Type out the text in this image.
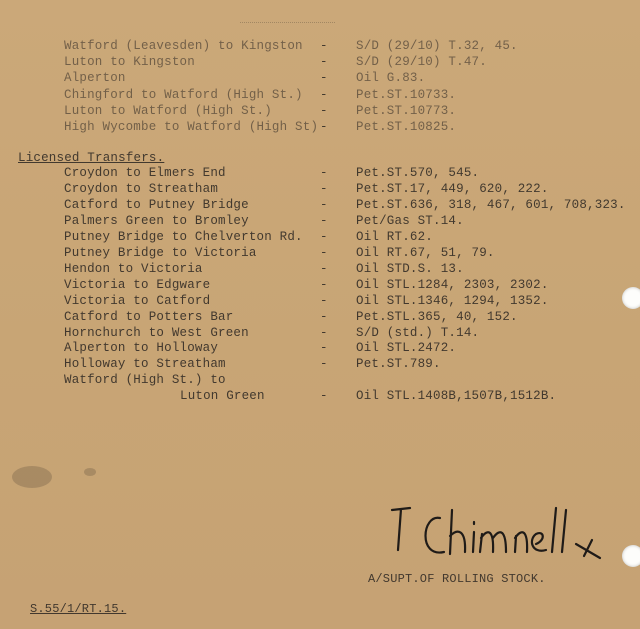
Watford (Leavesden) to Kingston - S/D (29/10) T.32, 45.
Luton to Kingston	- S/D (29/10) T.47.
Alperton	- Oil G.83.
Chingford to Watford (High St.) - Pet.ST.10733.
Luton to Watford (High St.)	- Pet.ST.10773.
High Wycombe to Watford (High St) - Pet.ST.10825.
Licensed Transfers.
Croydon to Elmers End	- Pet.ST.570, 545.
Croydon to Streatham	- Pet.ST.17, 449, 620, 222.
Catford to Putney Bridge	- Pet.ST.636, 318, 467, 601, 708,323.
Palmers Green to Bromley	- Pet/Gas ST.14.
Putney Bridge to Chelverton Rd. - Oil RT.62.
Putney Bridge to Victoria	- Oil RT.67, 51, 79.
Hendon to Victoria	- Oil STD.S. 13.
Victoria to Edgware	- Oil STL.1284, 2303, 2302.
Victoria to Catford	- Oil STL.1346, 1294, 1352.
Catford to Potters Bar	- Pet.STL.365, 40, 152.
Hornchurch to West Green	- S/D (std.) T.14.
Alperton to Holloway	- Oil STL.2472.
Holloway to Streatham	- Pet.ST.789.
Watford (High St.) to
Luton Green	- Oil STL.1408B,1507B,1512B.
A/SUPT.OF ROLLING STOCK.
S.55/1/RT.15.
